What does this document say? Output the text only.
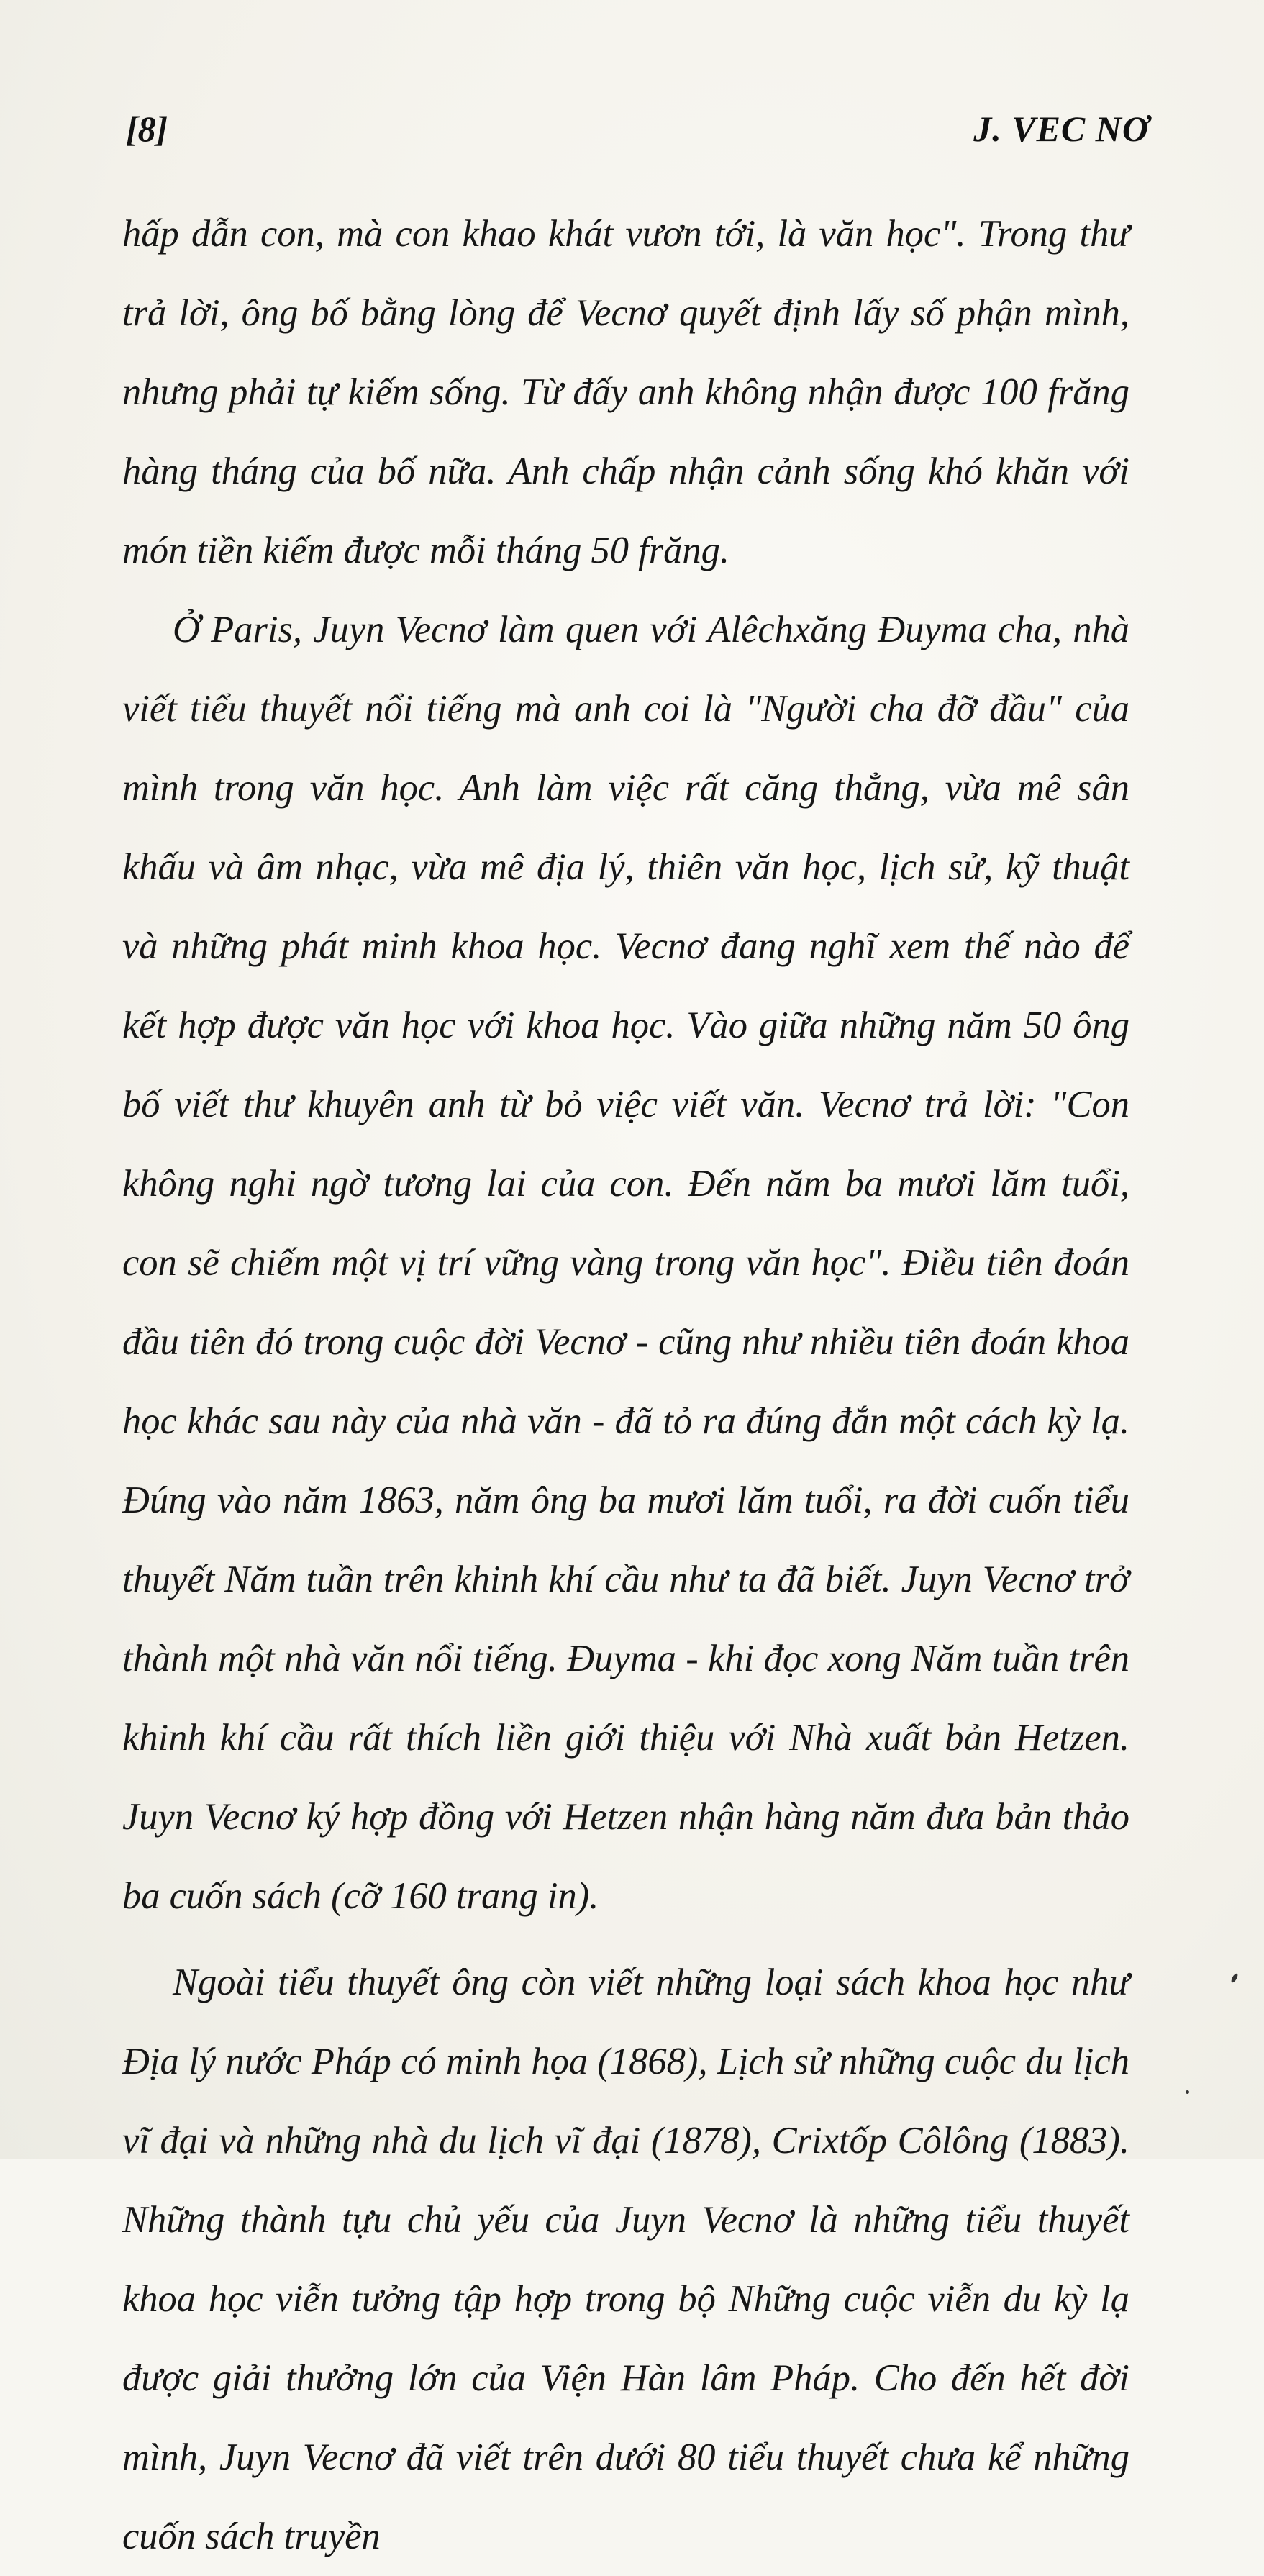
[8]	J. VEC NƠ

hấp dẫn con, mà con khao khát vươn tới, là văn học". Trong thư trả lời, ông bố bằng lòng để Vecnơ quyết định lấy số phận mình, nhưng phải tự kiếm sống. Từ đấy anh không nhận được 100 frăng hàng tháng của bố nữa. Anh chấp nhận cảnh sống khó khăn với món tiền kiếm được mỗi tháng 50 frăng.

Ở Paris, Juyn Vecnơ làm quen với Alêchxăng Đuyma cha, nhà viết tiểu thuyết nổi tiếng mà anh coi là "Người cha đỡ đầu" của mình trong văn học. Anh làm việc rất căng thẳng, vừa mê sân khấu và âm nhạc, vừa mê địa lý, thiên văn học, lịch sử, kỹ thuật và những phát minh khoa học. Vecnơ đang nghĩ xem thế nào để kết hợp được văn học với khoa học. Vào giữa những năm 50 ông bố viết thư khuyên anh từ bỏ việc viết văn. Vecnơ trả lời: "Con không nghi ngờ tương lai của con. Đến năm ba mươi lăm tuổi, con sẽ chiếm một vị trí vững vàng trong văn học". Điều tiên đoán đầu tiên đó trong cuộc đời Vecnơ - cũng như nhiều tiên đoán khoa học khác sau này của nhà văn - đã tỏ ra đúng đắn một cách kỳ lạ. Đúng vào năm 1863, năm ông ba mươi lăm tuổi, ra đời cuốn tiểu thuyết Năm tuần trên khinh khí cầu như ta đã biết. Juyn Vecnơ trở thành một nhà văn nổi tiếng. Đuyma - khi đọc xong Năm tuần trên khinh khí cầu rất thích liền giới thiệu với Nhà xuất bản Hetzen. Juyn Vecnơ ký hợp đồng với Hetzen nhận hàng năm đưa bản thảo ba cuốn sách (cỡ 160 trang in).

Ngoài tiểu thuyết ông còn viết những loại sách khoa học như Địa lý nước Pháp có minh họa (1868), Lịch sử những cuộc du lịch vĩ đại và những nhà du lịch vĩ đại (1878), Crixtốp Côlông (1883). Những thành tựu chủ yếu của Juyn Vecnơ là những tiểu thuyết khoa học viễn tưởng tập hợp trong bộ Những cuộc viễn du kỳ lạ được giải thưởng lớn của Viện Hàn lâm Pháp. Cho đến hết đời mình, Juyn Vecnơ đã viết trên dưới 80 tiểu thuyết chưa kể những cuốn sách truyền
